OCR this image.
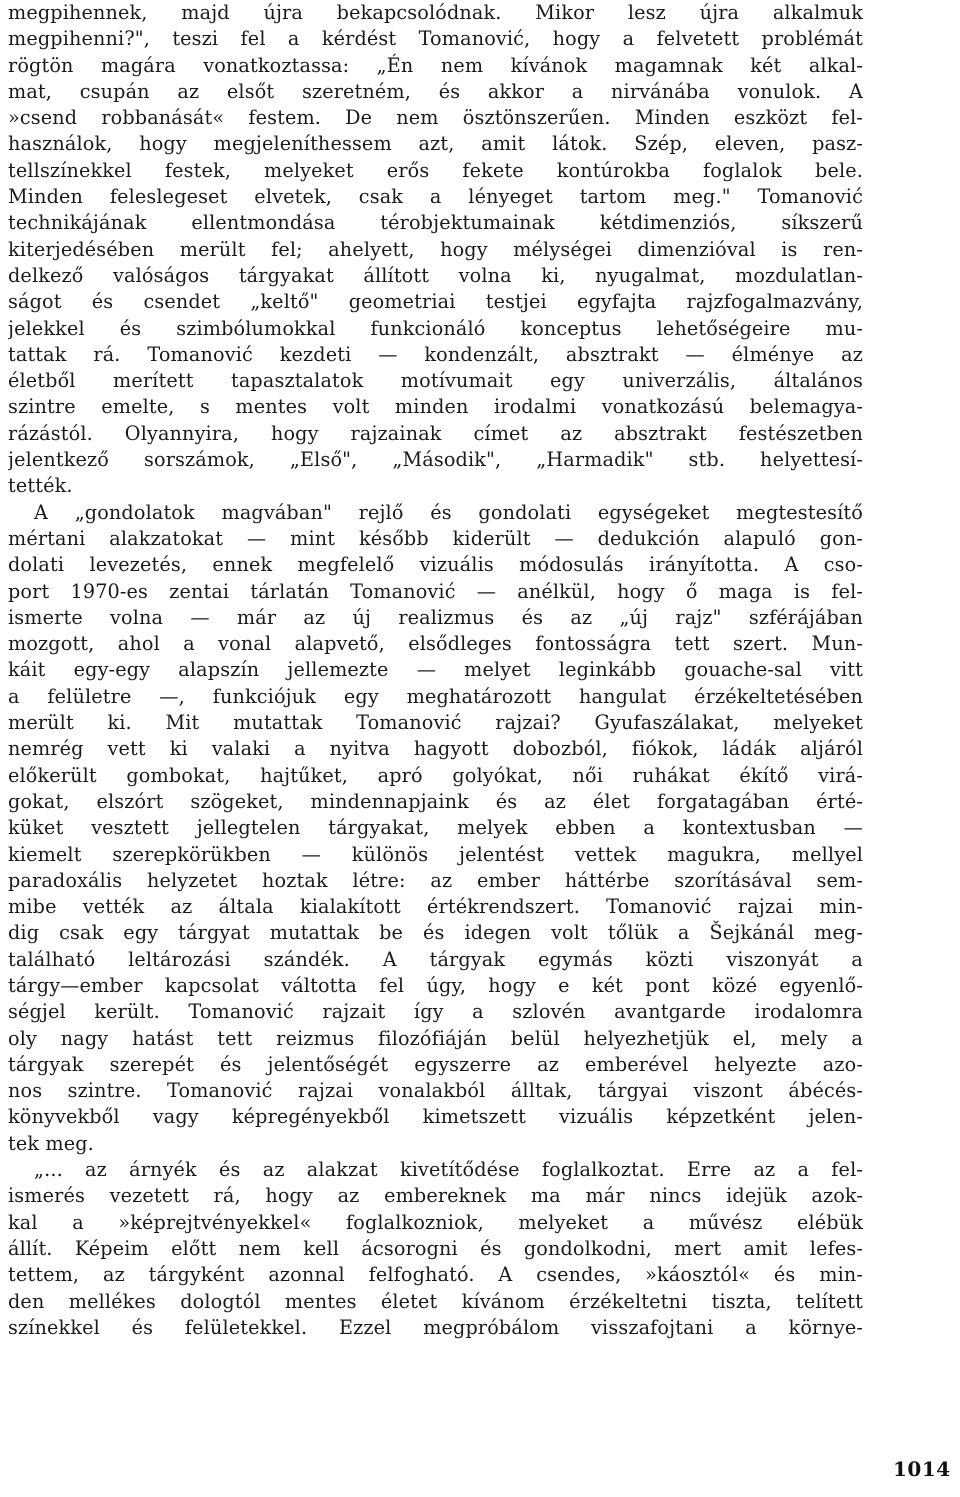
megpihennek, majd újra bekapcsolódnak. Mikor lesz újra alkalmuk
megpihenni?", teszi fel a kérdést Tomanović, hogy a felvetett problémát
rögtön magára vonatkoztassa: „Én nem kívánok magamnak két alkal-
mat, csupán az elsőt szeretném, és akkor a nirvánába vonulok. A
»csend robbanását« festem. De nem ösztönszerűen. Minden eszközt fel-
használok, hogy megjeleníthessem azt, amit látok. Szép, eleven, pasz-
tellszínekkel festek, melyeket erős fekete kontúrokba foglalok bele.
Minden feleslegeset elvetek, csak a lényeget tartom meg." Tomanović
technikájának ellentmondása térobjektumainak kétdimenziós, síkszerű
kiterjedésében merült fel; ahelyett, hogy mélységei dimenzióval is ren-
delkező valóságos tárgyakat állított volna ki, nyugalmat, mozdulatlan-
ságot és csendet „keltő" geometriai testjei egyfajta rajzfogalmazvány,
jelekkel és szimbólumokkal funkcionáló konceptus lehetőségeire mu-
tattak rá. Tomanović kezdeti — kondenzált, absztrakt — élménye az
életből merített tapasztalatok motívumait egy univerzális, általános
szintre emelte, s mentes volt minden irodalmi vonatkozású belemagya-
rázástól. Olyannyira, hogy rajzainak címet az absztrakt festészetben
jelentkező sorszámok, „Első", „Második", „Harmadik" stb. helyettesí-
tették.
A „gondolatok magvában" rejlő és gondolati egységeket megtestesítő
mértani alakzatokat — mint később kiderült — dedukción alapuló gon-
dolati levezetés, ennek megfelelő vizuális módosulás irányította. A cso-
port 1970-es zentai tárlatán Tomanović — anélkül, hogy ő maga is fel-
ismerte volna — már az új realizmus és az „új rajz" szférájában
mozgott, ahol a vonal alapvető, elsődleges fontosságra tett szert. Mun-
káit egy-egy alapszín jellemezte — melyet leginkább gouache-sal vitt
a felületre —, funkciójuk egy meghatározott hangulat érzékeltetésében
merült ki. Mit mutattak Tomanović rajzai? Gyufaszálakat, melyeket
nemrég vett ki valaki a nyitva hagyott dobozból, fiókok, ládák aljáról
előkerült gombokat, hajtűket, apró golyókat, női ruhákat ékítő virá-
gokat, elszórt szögeket, mindennapjaink és az élet forgatagában érté-
küket vesztett jellegtelen tárgyakat, melyek ebben a kontextusban —
kiemelt szerepkörükben — különös jelentést vettek magukra, mellyel
paradoxális helyzetet hoztak létre: az ember háttérbe szorításával sem-
mibe vették az általa kialakított értékrendszert. Tomanović rajzai min-
dig csak egy tárgyat mutattak be és idegen volt tőlük a Šejkánál meg-
található leltározási szándék. A tárgyak egymás közti viszonyát a
tárgy—ember kapcsolat váltotta fel úgy, hogy e két pont közé egyenlő-
ségjel került. Tomanović rajzait így a szlovén avantgarde irodalomra
oly nagy hatást tett reizmus filozófiáján belül helyezhetjük el, mely a
tárgyak szerepét és jelentőségét egyszerre az emberével helyezte azo-
nos szintre. Tomanović rajzai vonalakból álltak, tárgyai viszont ábécés-
könyvekből vagy képregényekből kimetszett vizuális képzetként jelen-
tek meg.
„... az árnyék és az alakzat kivetítődése foglalkoztat. Erre az a fel-
ismerés vezetett rá, hogy az embereknek ma már nincs idejük azok-
kal a »képrejtvényekkel« foglalkozniok, melyeket a művész elébük
állít. Képeim előtt nem kell ácsorogni és gondolkodni, mert amit lefes-
tettem, az tárgyként azonnal felfogható. A csendes, »káosztól« és min-
den mellékes dologtól mentes életet kívánom érzékeltetni tiszta, telített
színekkel és felületekkel. Ezzel megpróbálom visszafojtani a környe-
1014
